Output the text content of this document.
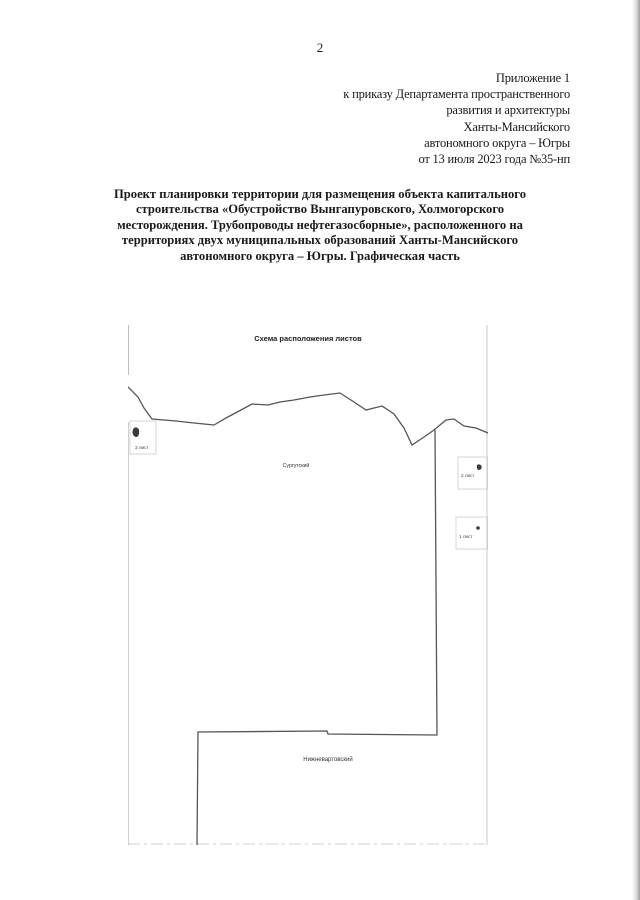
2
Приложение 1
к приказу Департамента пространственного
развития и архитектуры
Ханты-Мансийского
автономного округа – Югры
от 13 июля 2023 года №35-нп
Проект планировки территории для размещения объекта капитального
строительства «Обустройство Вынгапуровского, Холмогорского
месторождения. Трубопроводы нефтегазосборные», расположенного на
территориях двух муниципальных образований Ханты-Мансийского
автономного округа – Югры. Графическая часть
Схема расположения листов
Сургутский
Нижневартовский
3 лист
2 лист
1 лист
